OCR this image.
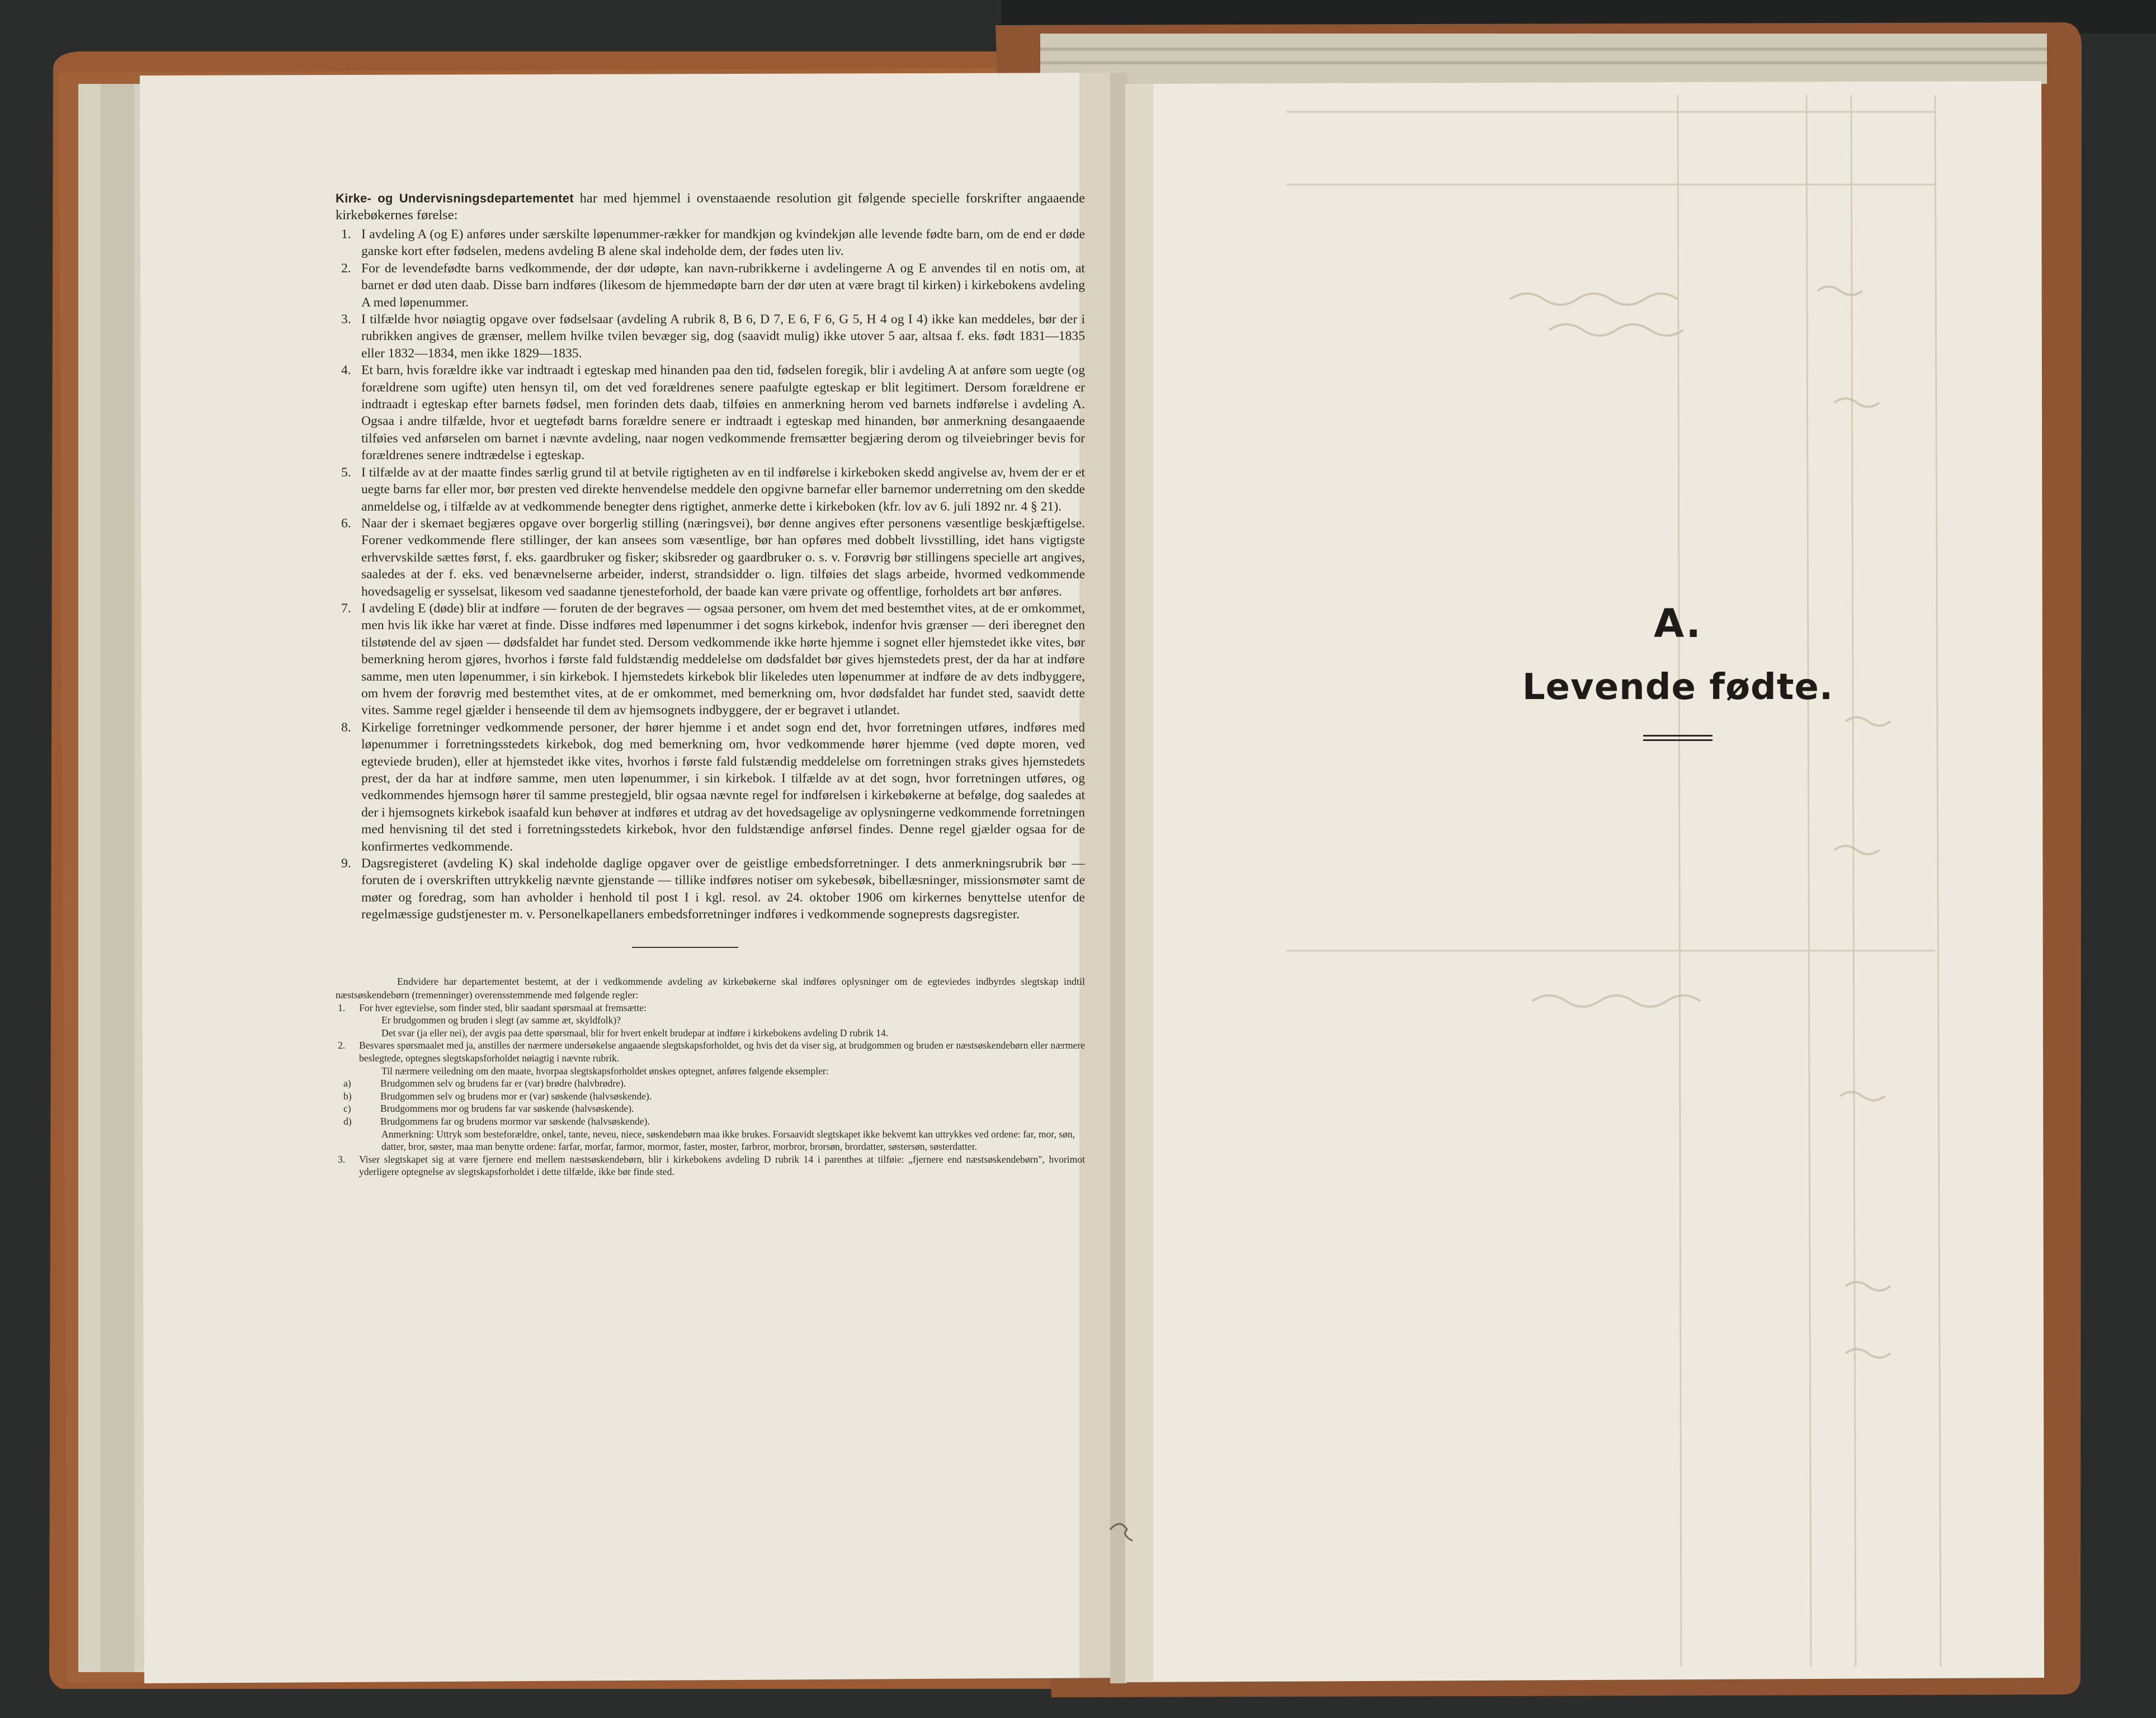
Kirke- og Undervisningsdepartementet har med hjemmel i ovenstaaende resolution git følgende specielle forskrifter angaaende kirkebøkernes førelse:

1. I avdeling A (og E) anføres under særskilte løpenummer-rækker for mandkjøn og kvindekjøn alle levende fødte barn, om de end er døde ganske kort efter fødselen, medens avdeling B alene skal indeholde dem, der fødes uten liv.
2. For de levendefødte barns vedkommende, der dør udøpte, kan navn-rubrikkerne i avdelingerne A og E anvendes til en notis om, at barnet er død uten daab. Disse barn indføres (likesom de hjemmedøpte barn der dør uten at være bragt til kirken) i kirkebokens avdeling A med løpenummer.
3. I tilfælde hvor nøiagtig opgave over fødselsaar (avdeling A rubrik 8, B 6, D 7, E 6, F 6, G 5, H 4 og I 4) ikke kan meddeles, bør der i rubrikken angives de grænser, mellem hvilke tvilen bevæger sig, dog (saavidt mulig) ikke utover 5 aar, altsaa f. eks. født 1831—1835 eller 1832—1834, men ikke 1829—1835.
4. Et barn, hvis forældre ikke var indtraadt i egteskap med hinanden paa den tid, fødselen foregik, blir i avdeling A at anføre som uegte (og forældrene som ugifte) uten hensyn til, om det ved forældrenes senere paafulgte egteskap er blit legitimert. Dersom forældrene er indtraadt i egteskap efter barnets fødsel, men forinden dets daab, tilføies en anmerkning herom ved barnets indførelse i avdeling A. Ogsaa i andre tilfælde, hvor et uegtefødt barns forældre senere er indtraadt i egteskap med hinanden, bør anmerkning desangaaende tilføies ved anførselen om barnet i nævnte avdeling, naar nogen vedkommende fremsætter begjæring derom og tilveiebringer bevis for forældrenes senere indtrædelse i egteskap.
5. I tilfælde av at der maatte findes særlig grund til at betvile rigtigheten av en til indførelse i kirkeboken skedd angivelse av, hvem der er et uegte barns far eller mor, bør presten ved direkte henvendelse meddele den opgivne barnefar eller barnemor underretning om den skedde anmeldelse og, i tilfælde av at vedkommende benegter dens rigtighet, anmerke dette i kirkeboken (kfr. lov av 6. juli 1892 nr. 4 § 21).
6. Naar der i skemaet begjæres opgave over borgerlig stilling (næringsvei), bør denne angives efter personens væsentlige beskjæftigelse. Forener vedkommende flere stillinger, der kan ansees som væsentlige, bør han opføres med dobbelt livsstilling, idet hans vigtigste erhvervskilde sættes først, f. eks. gaardbruker og fisker; skibsreder og gaardbruker o. s. v. Forøvrig bør stillingens specielle art angives, saaledes at der f. eks. ved benævnelserne arbeider, inderst, strandsidder o. lign. tilføies det slags arbeide, hvormed vedkommende hovedsagelig er sysselsat, likesom ved saadanne tjenesteforhold, der baade kan være private og offentlige, forholdets art bør anføres.
7. I avdeling E (døde) blir at indføre — foruten de der begraves — ogsaa personer, om hvem det med bestemthet vites, at de er omkommet, men hvis lik ikke har været at finde. Disse indføres med løpenummer i det sogns kirkebok, indenfor hvis grænser — deri iberegnet den tilstøtende del av sjøen — dødsfaldet har fundet sted. Dersom vedkommende ikke hørte hjemme i sognet eller hjemstedet ikke vites, bør bemerkning herom gjøres, hvorhos i første fald fuldstændig meddelelse om dødsfaldet bør gives hjemstedets prest, der da har at indføre samme, men uten løpenummer, i sin kirkebok. I hjemstedets kirkebok blir likeledes uten løpenummer at indføre de av dets indbyggere, om hvem der forøvrig med bestemthet vites, at de er omkommet, med bemerkning om, hvor dødsfaldet har fundet sted, saavidt dette vites. Samme regel gjælder i henseende til dem av hjemsognets indbyggere, der er begravet i utlandet.
8. Kirkelige forretninger vedkommende personer, der hører hjemme i et andet sogn end det, hvor forretningen utføres, indføres med løpenummer i forretningsstedets kirkebok, dog med bemerkning om, hvor vedkommende hører hjemme (ved døpte moren, ved egteviede bruden), eller at hjemstedet ikke vites, hvorhos i første fald fulstændig meddelelse om forretningen straks gives hjemstedets prest, der da har at indføre samme, men uten løpenummer, i sin kirkebok. I tilfælde av at det sogn, hvor forretningen utføres, og vedkommendes hjemsogn hører til samme prestegjeld, blir ogsaa nævnte regel for indførelsen i kirkebøkerne at befølge, dog saaledes at der i hjemsognets kirkebok isaafald kun behøver at indføres et utdrag av det hovedsagelige av oplysningerne vedkommende forretningen med henvisning til det sted i forretningsstedets kirkebok, hvor den fuldstændige anførsel findes. Denne regel gjælder ogsaa for de konfirmertes vedkommende.
9. Dagsregisteret (avdeling K) skal indeholde daglige opgaver over de geistlige embedsforretninger. I dets anmerkningsrubrik bør — foruten de i overskriften uttrykkelig nævnte gjenstande — tillike indføres notiser om sykebesøk, bibellæsninger, missionsmøter samt de møter og foredrag, som han avholder i henhold til post I i kgl. resol. av 24. oktober 1906 om kirkernes benyttelse utenfor de regelmæssige gudstjenester m. v. Personelkapellaners embedsforretninger indføres i vedkommende sogneprests dagsregister.

Endvidere har departementet bestemt, at der i vedkommende avdeling av kirkebøkerne skal indføres oplysninger om de egteviedes indbyrdes slegtskap indtil næstsøskendebørn (tremenninger) overensstemmende med følgende regler:

1. For hver egtevielse, som finder sted, blir saadant spørsmaal at fremsætte:

Er brudgommen og bruden i slegt (av samme æt, skyldfolk)?

Det svar (ja eller nei), der avgis paa dette spørsmaal, blir for hvert enkelt brudepar at indføre i kirkebokens avdeling D rubrik 14.

2. Besvares spørsmaalet med ja, anstilles der nærmere undersøkelse angaaende slegtskapsforholdet, og hvis det da viser sig, at brudgommen og bruden er næstsøskendebørn eller nærmere beslegtede, optegnes slegtskapsforholdet nøiagtig i nævnte rubrik.

Til nærmere veiledning om den maate, hvorpaa slegtskapsforholdet ønskes optegnet, anføres følgende eksempler:

a)	Brudgommen selv og brudens far er (var) brødre (halvbrødre).

b)	Brudgommen selv og brudens mor er (var) søskende (halvsøskende).

c)	Brudgommens mor og brudens far var søskende (halvsøskende).

d)	Brudgommens far og brudens mormor var søskende (halvsøskende).

Anmerkning: Uttryk som besteforældre, onkel, tante, neveu, niece, søskendebørn maa ikke brukes. Forsaavidt slegtskapet ikke bekvemt kan uttrykkes ved ordene: far, mor, søn, datter, bror, søster, maa man benytte ordene: farfar, morfar, farmor, mormor, faster, moster, farbror, morbror, brorsøn, brordatter, søstersøn, søsterdatter.

3. Viser slegtskapet sig at være fjernere end mellem næstsøskendebørn, blir i kirkebokens avdeling D rubrik 14 i parenthes at tilføie: „fjernere end næstsøskendebørn", hvorimot yderligere optegnelse av slegtskapsforholdet i dette tilfælde, ikke bør finde sted.

A.
Levende fødte.
